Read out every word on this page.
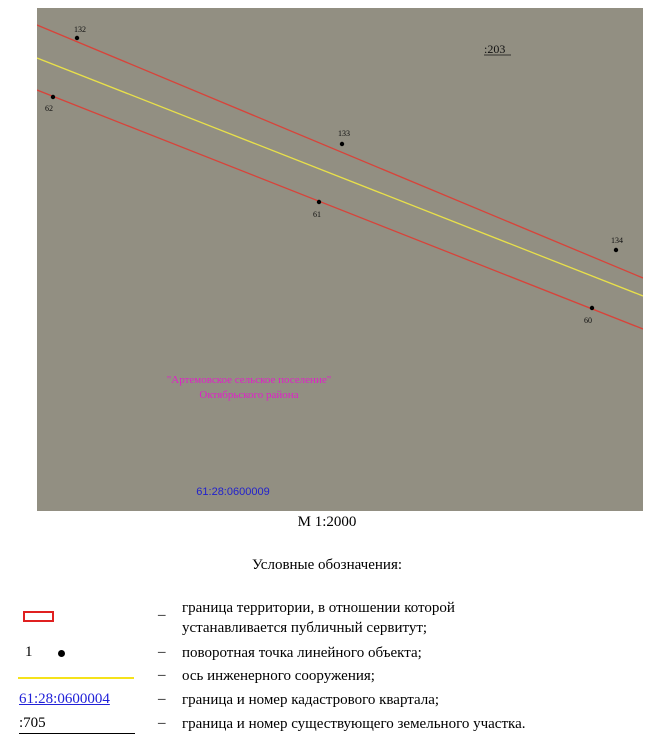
132
62
133
61
134
60
:203
"Артемовское сельское поселение"
Октябрьского района
61:28:0600009
М 1:2000
Условные обозначения:
_ граница территории, в отношении которой
устанавливается публичный сервитут;
1	– поворотная точка линейного объекта;
– ось инженерного сооружения;
61:28:0600004	– граница и номер кадастрового квартала;
:705	– граница и номер существующего земельного участка.
